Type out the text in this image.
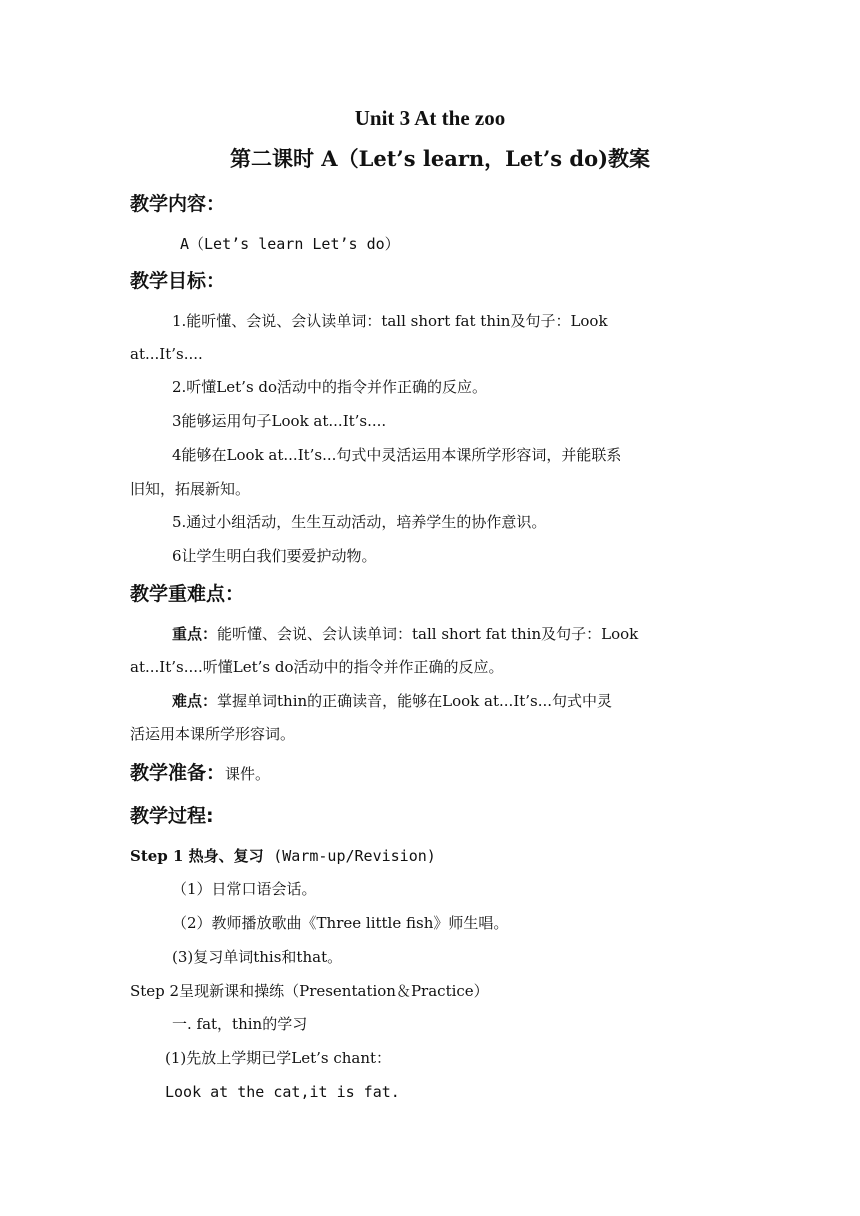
Unit 3 At the zoo
第二课时 A（Let’s learn，Let’s do)教案
教学内容：
A（Let’s learn Let’s do）
教学目标：
1.能听懂、会说、会认读单词：tall short fat thin及句子：Look
at...It’s....
2.听懂Let’s do活动中的指令并作正确的反应。
3能够运用句子Look at...It’s....
4能够在Look at...It’s...句式中灵活运用本课所学形容词，并能联系
旧知，拓展新知。
5.通过小组活动，生生互动活动，培养学生的协作意识。
6让学生明白我们要爱护动物。
教学重难点：
重点：能听懂、会说、会认读单词：tall short fat thin及句子：Look
at...It’s....听懂Let’s do活动中的指令并作正确的反应。
难点：掌握单词thin的正确读音，能够在Look at...It’s...句式中灵
活运用本课所学形容词。
教学准备：课件。
教学过程:
Step 1 热身、复习 (Warm-up/Revision)
（1）日常口语会话。
（2）教师播放歌曲《Three little fish》师生唱。
(3)复习单词this和that。
Step 2呈现新课和操练（Presentation＆Practice）
一. fat，thin的学习
(1)先放上学期已学Let’s chant：
Look at the cat,it is fat.
